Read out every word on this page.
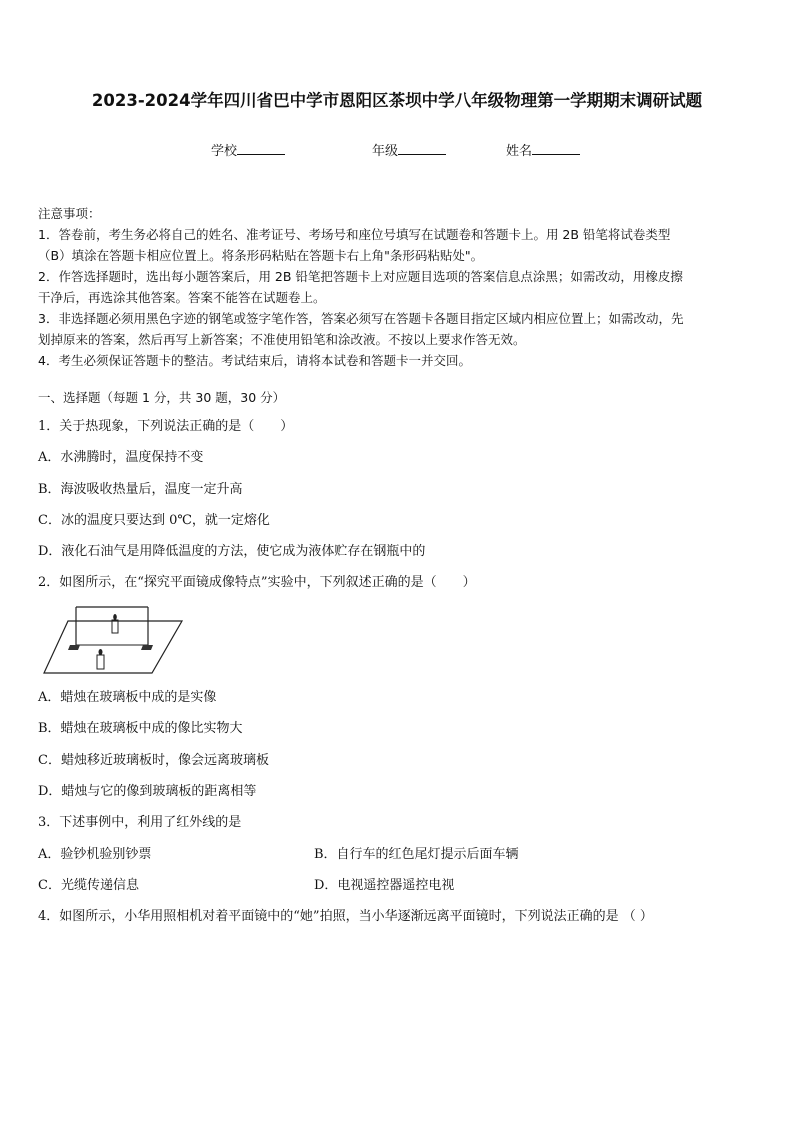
2023-2024学年四川省巴中学市恩阳区茶坝中学八年级物理第一学期期末调研试题
学校	年级	姓名
注意事项：
1．答卷前，考生务必将自己的姓名、准考证号、考场号和座位号填写在试题卷和答题卡上。用 2B 铅笔将试卷类型
（B）填涂在答题卡相应位置上。将条形码粘贴在答题卡右上角"条形码粘贴处"。
2．作答选择题时，选出每小题答案后，用 2B 铅笔把答题卡上对应题目选项的答案信息点涂黑；如需改动，用橡皮擦
干净后，再选涂其他答案。答案不能答在试题卷上。
3．非选择题必须用黑色字迹的钢笔或签字笔作答，答案必须写在答题卡各题目指定区域内相应位置上；如需改动，先
划掉原来的答案，然后再写上新答案；不准使用铅笔和涂改液。不按以上要求作答无效。
4．考生必须保证答题卡的整洁。考试结束后，请将本试卷和答题卡一并交回。
一、选择题（每题 1 分，共 30 题，30 分）
1．关于热现象，下列说法正确的是（　　）
A．水沸腾时，温度保持不变
B．海波吸收热量后，温度一定升高
C．冰的温度只要达到 0℃，就一定熔化
D．液化石油气是用降低温度的方法，使它成为液体贮存在钢瓶中的
2．如图所示，在“探究平面镜成像特点”实验中，下列叙述正确的是（　　）
A．蜡烛在玻璃板中成的是实像
B．蜡烛在玻璃板中成的像比实物大
C．蜡烛移近玻璃板时，像会远离玻璃板
D．蜡烛与它的像到玻璃板的距离相等
3．下述事例中，利用了红外线的是
A．验钞机验别钞票	B．自行车的红色尾灯提示后面车辆
C．光缆传递信息	D．电视遥控器遥控电视
4．如图所示，小华用照相机对着平面镜中的“她”拍照，当小华逐渐远离平面镜时，下列说法正确的是 （ ）
